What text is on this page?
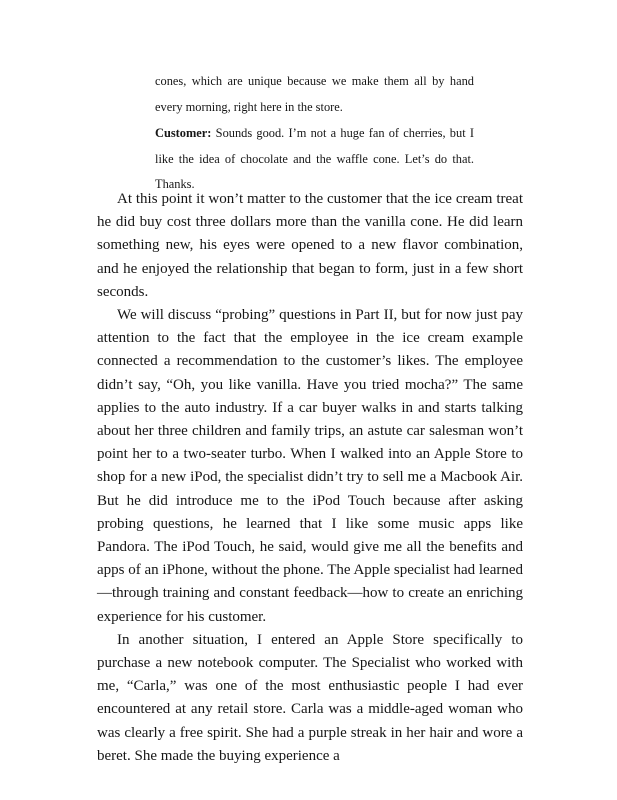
cones, which are unique because we make them all by hand every morning, right here in the store.
Customer: Sounds good. I’m not a huge fan of cherries, but I like the idea of chocolate and the waffle cone. Let’s do that. Thanks.

At this point it won’t matter to the customer that the ice cream treat he did buy cost three dollars more than the vanilla cone. He did learn something new, his eyes were opened to a new flavor combination, and he enjoyed the relationship that began to form, just in a few short seconds.

We will discuss “probing” questions in Part II, but for now just pay attention to the fact that the employee in the ice cream example connected a recommendation to the customer’s likes. The employee didn’t say, “Oh, you like vanilla. Have you tried mocha?” The same applies to the auto industry. If a car buyer walks in and starts talking about her three children and family trips, an astute car salesman won’t point her to a two-seater turbo. When I walked into an Apple Store to shop for a new iPod, the specialist didn’t try to sell me a Macbook Air. But he did introduce me to the iPod Touch because after asking probing questions, he learned that I like some music apps like Pandora. The iPod Touch, he said, would give me all the benefits and apps of an iPhone, without the phone. The Apple specialist had learned—through training and constant feedback—how to create an enriching experience for his customer.

In another situation, I entered an Apple Store specifically to purchase a new notebook computer. The Specialist who worked with me, “Carla,” was one of the most enthusiastic people I had ever encountered at any retail store. Carla was a middle-aged woman who was clearly a free spirit. She had a purple streak in her hair and wore a beret. She made the buying experience a
